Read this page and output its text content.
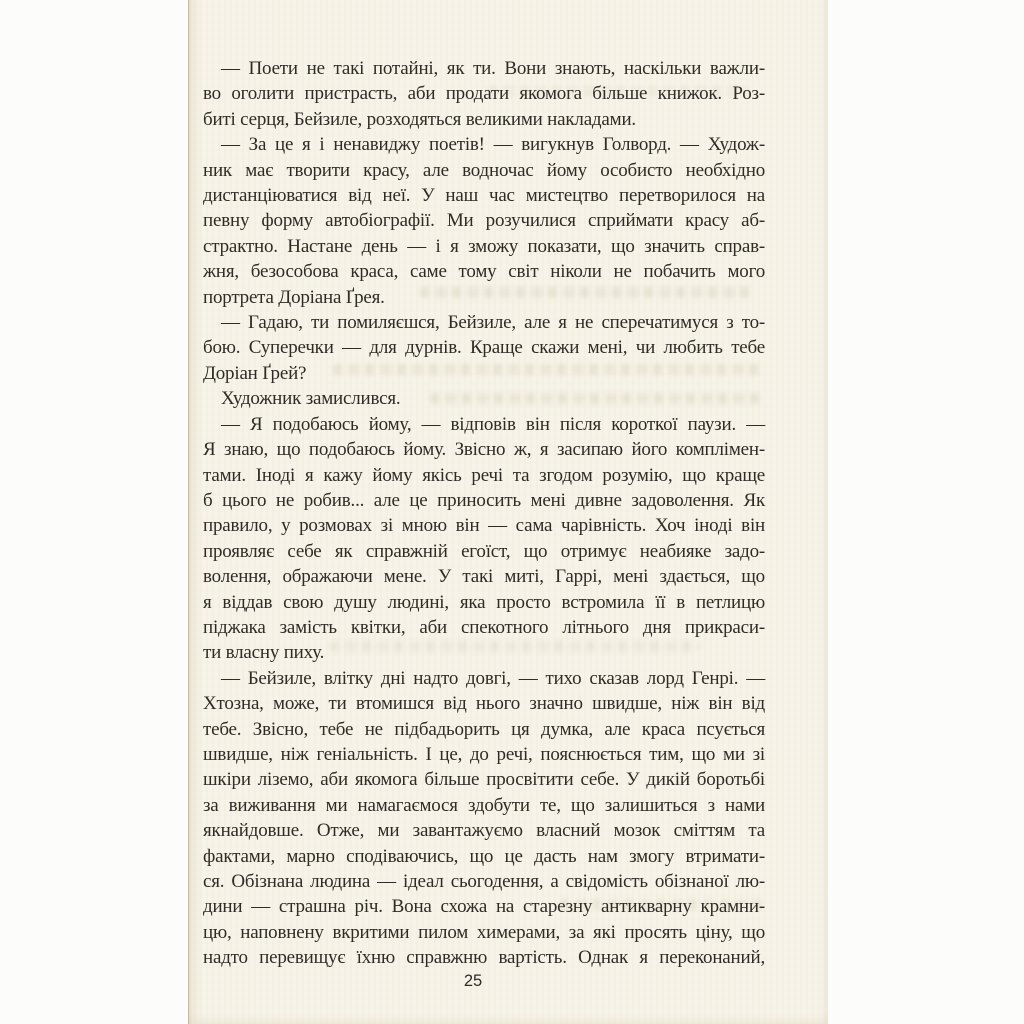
— Поети не такі потайні, як ти. Вони знають, наскільки важли-
во оголити пристрасть, аби продати якомога більше книжок. Роз-
биті серця, Бейзиле, розходяться великими накладами.
— За це я і ненавиджу поетів! — вигукнув Голворд. — Худож-
ник має творити красу, але водночас йому особисто необхідно
дистанціюватися від неї. У наш час мистецтво перетворилося на
певну форму автобіографії. Ми розучилися сприймати красу аб-
страктно. Настане день — і я зможу показати, що значить справ-
жня, безособова краса, саме тому світ ніколи не побачить мого
портрета Доріана Ґрея.
— Гадаю, ти помиляєшся, Бейзиле, але я не сперечатимуся з то-
бою. Суперечки — для дурнів. Краще скажи мені, чи любить тебе
Доріан Ґрей?
Художник замислився.
— Я подобаюсь йому, — відповів він після короткої паузи. —
Я знаю, що подобаюсь йому. Звісно ж, я засипаю його комплімен-
тами. Іноді я кажу йому якісь речі та згодом розумію, що краще
б цього не робив... але це приносить мені дивне задоволення. Як
правило, у розмовах зі мною він — сама чарівність. Хоч іноді він
проявляє себе як справжній егоїст, що отримує неабияке задо-
волення, ображаючи мене. У такі миті, Гаррі, мені здається, що
я віддав свою душу людині, яка просто встромила її в петлицю
піджака замість квітки, аби спекотного літнього дня прикраси-
ти власну пиху.
— Бейзиле, влітку дні надто довгі, — тихо сказав лорд Генрі. —
Хтозна, може, ти втомишся від нього значно швидше, ніж він від
тебе. Звісно, тебе не підбадьорить ця думка, але краса псується
швидше, ніж геніальність. І це, до речі, пояснюється тим, що ми зі
шкіри ліземо, аби якомога більше просвітити себе. У дикій боротьбі
за виживання ми намагаємося здобути те, що залишиться з нами
якнайдовше. Отже, ми завантажуємо власний мозок сміттям та
фактами, марно сподіваючись, що це дасть нам змогу втримати-
ся. Обізнана людина — ідеал сьогодення, а свідомість обізнаної лю-
дини — страшна річ. Вона схожа на старезну антикварну крамни-
цю, наповнену вкритими пилом химерами, за які просять ціну, що
надто перевищує їхню справжню вартість. Однак я переконаний,
25
